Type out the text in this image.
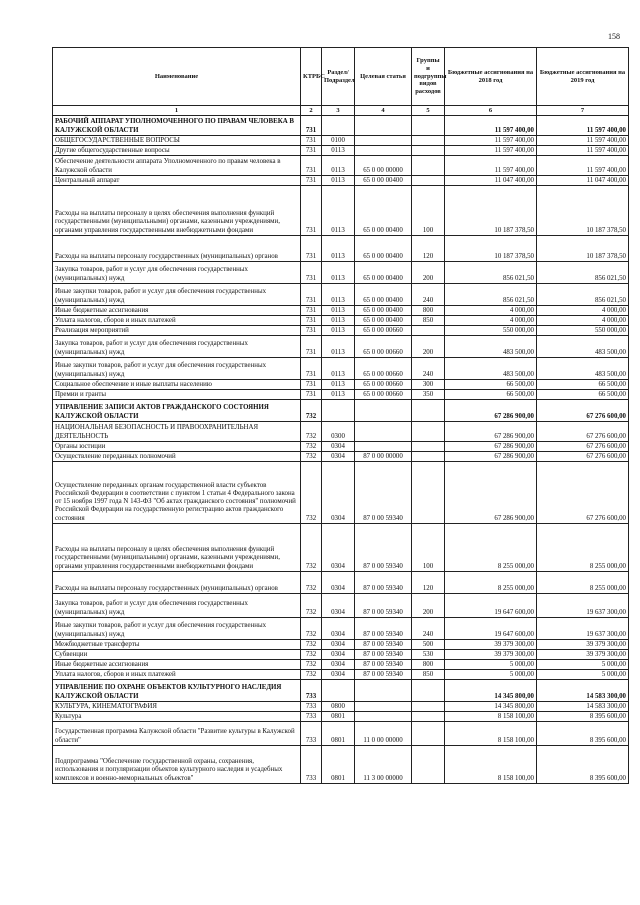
158
Наименование	КТРБС	Раздел/ Подраздел	Целевая статья	Группы и подгруппы видов расходов	Бюджетные ассигнования на 2018 год	Бюджетные ассигнования на 2019 год
1	2	3	4	5	6	7
РАБОЧИЙ АППАРАТ УПОЛНОМОЧЕННОГО ПО ПРАВАМ ЧЕЛОВЕКА В КАЛУЖСКОЙ ОБЛАСТИ	731				11 597 400,00	11 597 400,00
ОБЩЕГОСУДАРСТВЕННЫЕ ВОПРОСЫ	731	0100			11 597 400,00	11 597 400,00
Другие общегосударственные вопросы	731	0113			11 597 400,00	11 597 400,00
Обеспечение деятельности аппарата Уполномоченного по правам человека в Калужской области	731	0113	65 0 00 00000		11 597 400,00	11 597 400,00
Центральный аппарат	731	0113	65 0 00 00400		11 047 400,00	11 047 400,00
Расходы на выплаты персоналу в целях обеспечения выполнения функций государственными (муниципальными) органами, казенными учреждениями, органами управления государственными внебюджетными фондами	731	0113	65 0 00 00400	100	10 187 378,50	10 187 378,50
Расходы на выплаты персоналу государственных (муниципальных) органов	731	0113	65 0 00 00400	120	10 187 378,50	10 187 378,50
Закупка товаров, работ и услуг для обеспечения государственных (муниципальных) нужд	731	0113	65 0 00 00400	200	856 021,50	856 021,50
Иные закупки товаров, работ и услуг для обеспечения государственных (муниципальных) нужд	731	0113	65 0 00 00400	240	856 021,50	856 021,50
Иные бюджетные ассигнования	731	0113	65 0 00 00400	800	4 000,00	4 000,00
Уплата налогов, сборов и иных платежей	731	0113	65 0 00 00400	850	4 000,00	4 000,00
Реализация мероприятий	731	0113	65 0 00 00660		550 000,00	550 000,00
Закупка товаров, работ и услуг для обеспечения государственных (муниципальных) нужд	731	0113	65 0 00 00660	200	483 500,00	483 500,00
Иные закупки товаров, работ и услуг для обеспечения государственных (муниципальных) нужд	731	0113	65 0 00 00660	240	483 500,00	483 500,00
Социальное обеспечение и иные выплаты населению	731	0113	65 0 00 00660	300	66 500,00	66 500,00
Премии и гранты	731	0113	65 0 00 00660	350	66 500,00	66 500,00
УПРАВЛЕНИЕ ЗАПИСИ АКТОВ ГРАЖДАНСКОГО СОСТОЯНИЯ КАЛУЖСКОЙ ОБЛАСТИ	732				67 286 900,00	67 276 600,00
НАЦИОНАЛЬНАЯ БЕЗОПАСНОСТЬ И ПРАВООХРАНИТЕЛЬНАЯ ДЕЯТЕЛЬНОСТЬ	732	0300			67 286 900,00	67 276 600,00
Органы юстиции	732	0304			67 286 900,00	67 276 600,00
Осуществление переданных полномочий	732	0304	87 0 00 00000		67 286 900,00	67 276 600,00
Осуществление переданных органам государственной власти субъектов Российской Федерации в соответствии с пунктом 1 статьи 4 Федерального закона от 15 ноября 1997 года N 143-ФЗ "Об актах гражданского состояния" полномочий Российской Федерации на государственную регистрацию актов гражданского состояния	732	0304	87 0 00 59340		67 286 900,00	67 276 600,00
Расходы на выплаты персоналу в целях обеспечения выполнения функций государственными (муниципальными) органами, казенными учреждениями, органами управления государственными внебюджетными фондами	732	0304	87 0 00 59340	100	8 255 000,00	8 255 000,00
Расходы на выплаты персоналу государственных (муниципальных) органов	732	0304	87 0 00 59340	120	8 255 000,00	8 255 000,00
Закупка товаров, работ и услуг для обеспечения государственных (муниципальных) нужд	732	0304	87 0 00 59340	200	19 647 600,00	19 637 300,00
Иные закупки товаров, работ и услуг для обеспечения государственных (муниципальных) нужд	732	0304	87 0 00 59340	240	19 647 600,00	19 637 300,00
Межбюджетные трансферты	732	0304	87 0 00 59340	500	39 379 300,00	39 379 300,00
Субвенции	732	0304	87 0 00 59340	530	39 379 300,00	39 379 300,00
Иные бюджетные ассигнования	732	0304	87 0 00 59340	800	5 000,00	5 000,00
Уплата налогов, сборов и иных платежей	732	0304	87 0 00 59340	850	5 000,00	5 000,00
УПРАВЛЕНИЕ ПО ОХРАНЕ ОБЪЕКТОВ КУЛЬТУРНОГО НАСЛЕДИЯ КАЛУЖСКОЙ ОБЛАСТИ	733				14 345 800,00	14 583 300,00
КУЛЬТУРА, КИНЕМАТОГРАФИЯ	733	0800			14 345 800,00	14 583 300,00
Культура	733	0801			8 158 100,00	8 395 600,00
Государственная программа Калужской области "Развитие культуры в Калужской области"	733	0801	11 0 00 00000		8 158 100,00	8 395 600,00
Подпрограмма "Обеспечение государственной охраны, сохранения, использования и популяризации объектов культурного наследия и усадебных комплексов и военно-мемориальных объектов"	733	0801	11 3 00 00000		8 158 100,00	8 395 600,00
